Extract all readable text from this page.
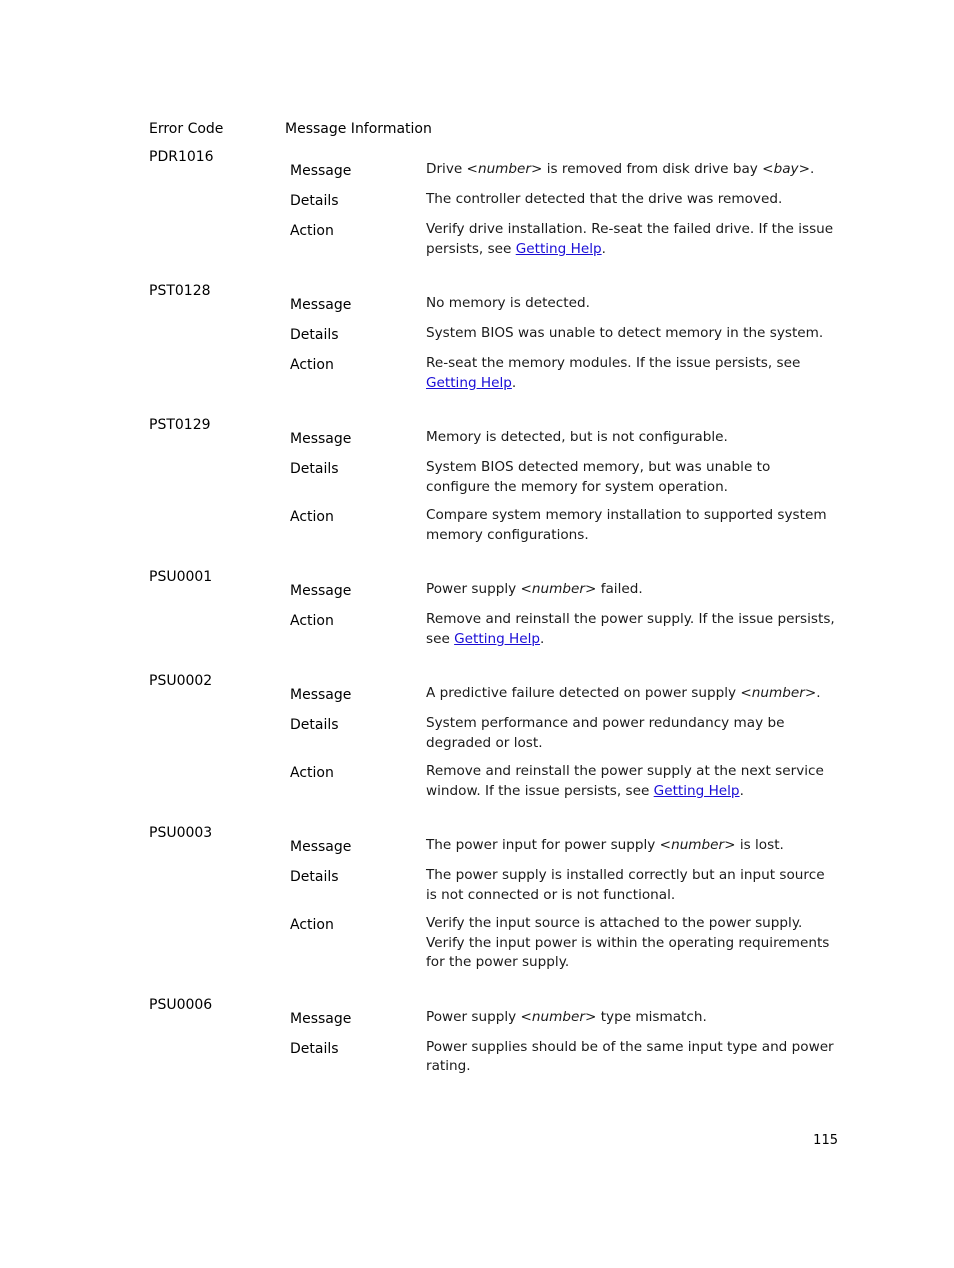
Error Code	Message Information
PDR1016
Message	Drive <number> is removed from disk drive bay <bay>.
Details	The controller detected that the drive was removed.
Action	Verify drive installation. Re-seat the failed drive. If the issue persists, see Getting Help.
PST0128
Message	No memory is detected.
Details	System BIOS was unable to detect memory in the system.
Action	Re-seat the memory modules. If the issue persists, see Getting Help.
PST0129
Message	Memory is detected, but is not configurable.
Details	System BIOS detected memory, but was unable to configure the memory for system operation.
Action	Compare system memory installation to supported system memory configurations.
PSU0001
Message	Power supply <number> failed.
Action	Remove and reinstall the power supply. If the issue persists, see Getting Help.
PSU0002
Message	A predictive failure detected on power supply <number>.
Details	System performance and power redundancy may be degraded or lost.
Action	Remove and reinstall the power supply at the next service window. If the issue persists, see Getting Help.
PSU0003
Message	The power input for power supply <number> is lost.
Details	The power supply is installed correctly but an input source is not connected or is not functional.
Action	Verify the input source is attached to the power supply. Verify the input power is within the operating requirements for the power supply.
PSU0006
Message	Power supply <number> type mismatch.
Details	Power supplies should be of the same input type and power rating.
115
